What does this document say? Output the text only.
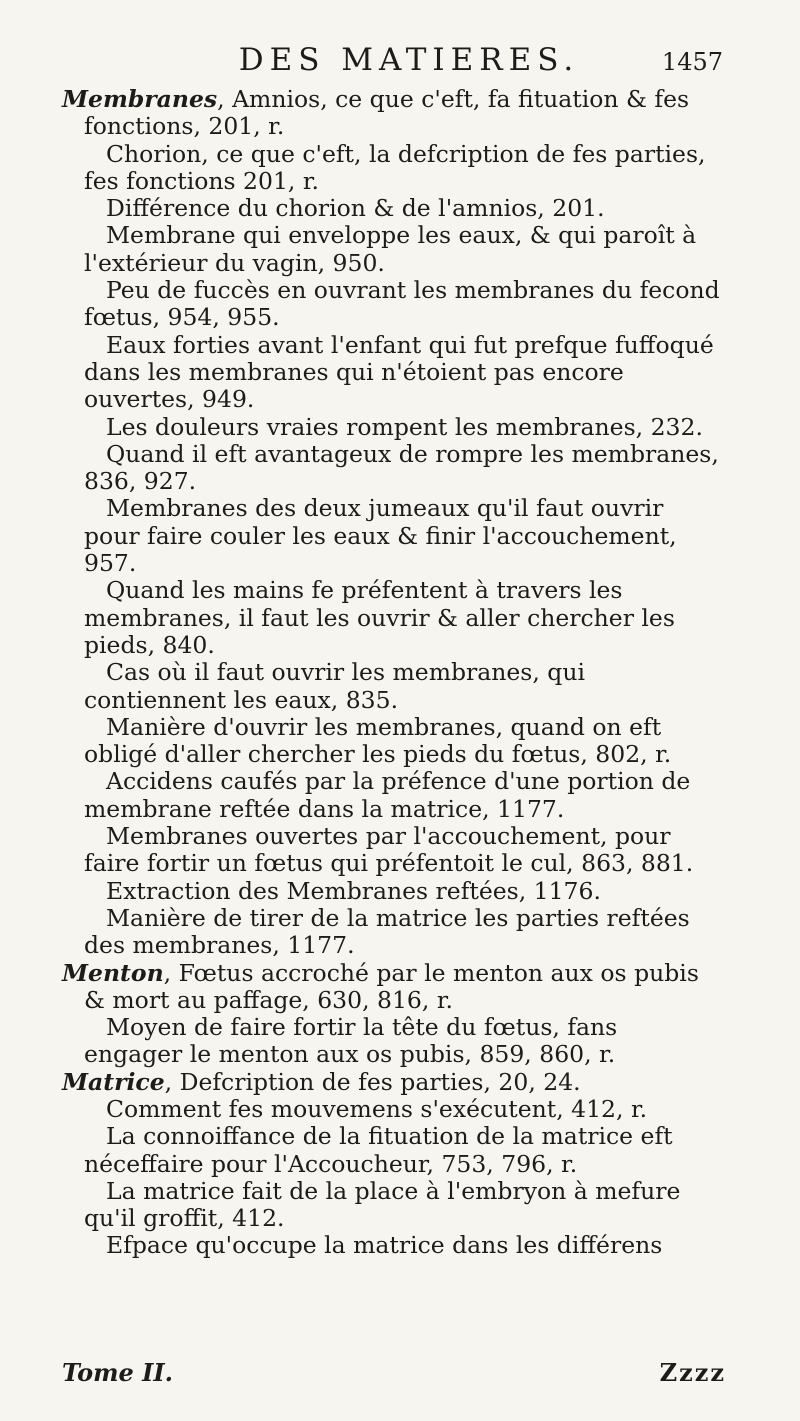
DES MATIERES.	1457

Membranes, Amnios, ce que c'eft, fa fituation & fes fonctions, 201, r.

Chorion, ce que c'eft, la defcription de fes parties, fes fonctions 201, r.

Différence du chorion & de l'amnios, 201.

Membrane qui enveloppe les eaux, & qui paroît à l'extérieur du vagin, 950.

Peu de fuccès en ouvrant les membranes du fecond fœtus, 954, 955.

Eaux forties avant l'enfant qui fut prefque fuffoqué dans les membranes qui n'étoient pas encore ouvertes, 949.

Les douleurs vraies rompent les membranes, 232.

Quand il eft avantageux de rompre les membranes, 836, 927.

Membranes des deux jumeaux qu'il faut ouvrir pour faire couler les eaux & finir l'accouchement, 957.

Quand les mains fe préfentent à travers les membranes, il faut les ouvrir & aller chercher les pieds, 840.

Cas où il faut ouvrir les membranes, qui contiennent les eaux, 835.

Manière d'ouvrir les membranes, quand on eft obligé d'aller chercher les pieds du fœtus, 802, r.

Accidens caufés par la préfence d'une portion de membrane reftée dans la matrice, 1177.

Membranes ouvertes par l'accouchement, pour faire fortir un fœtus qui préfentoit le cul, 863, 881.

Extraction des Membranes reftées, 1176.

Manière de tirer de la matrice les parties reftées des membranes, 1177.

Menton, Fœtus accroché par le menton aux os pubis & mort au paffage, 630, 816, r.

Moyen de faire fortir la tête du fœtus, fans engager le menton aux os pubis, 859, 860, r.

Matrice, Defcription de fes parties, 20, 24.

Comment fes mouvemens s'exécutent, 412, r.

La connoiffance de la fituation de la matrice eft néceffaire pour l'Accoucheur, 753, 796, r.

La matrice fait de la place à l'embryon à mefure qu'il groffit, 412.

Efpace qu'occupe la matrice dans les différens

Tome II.	Zzzz
